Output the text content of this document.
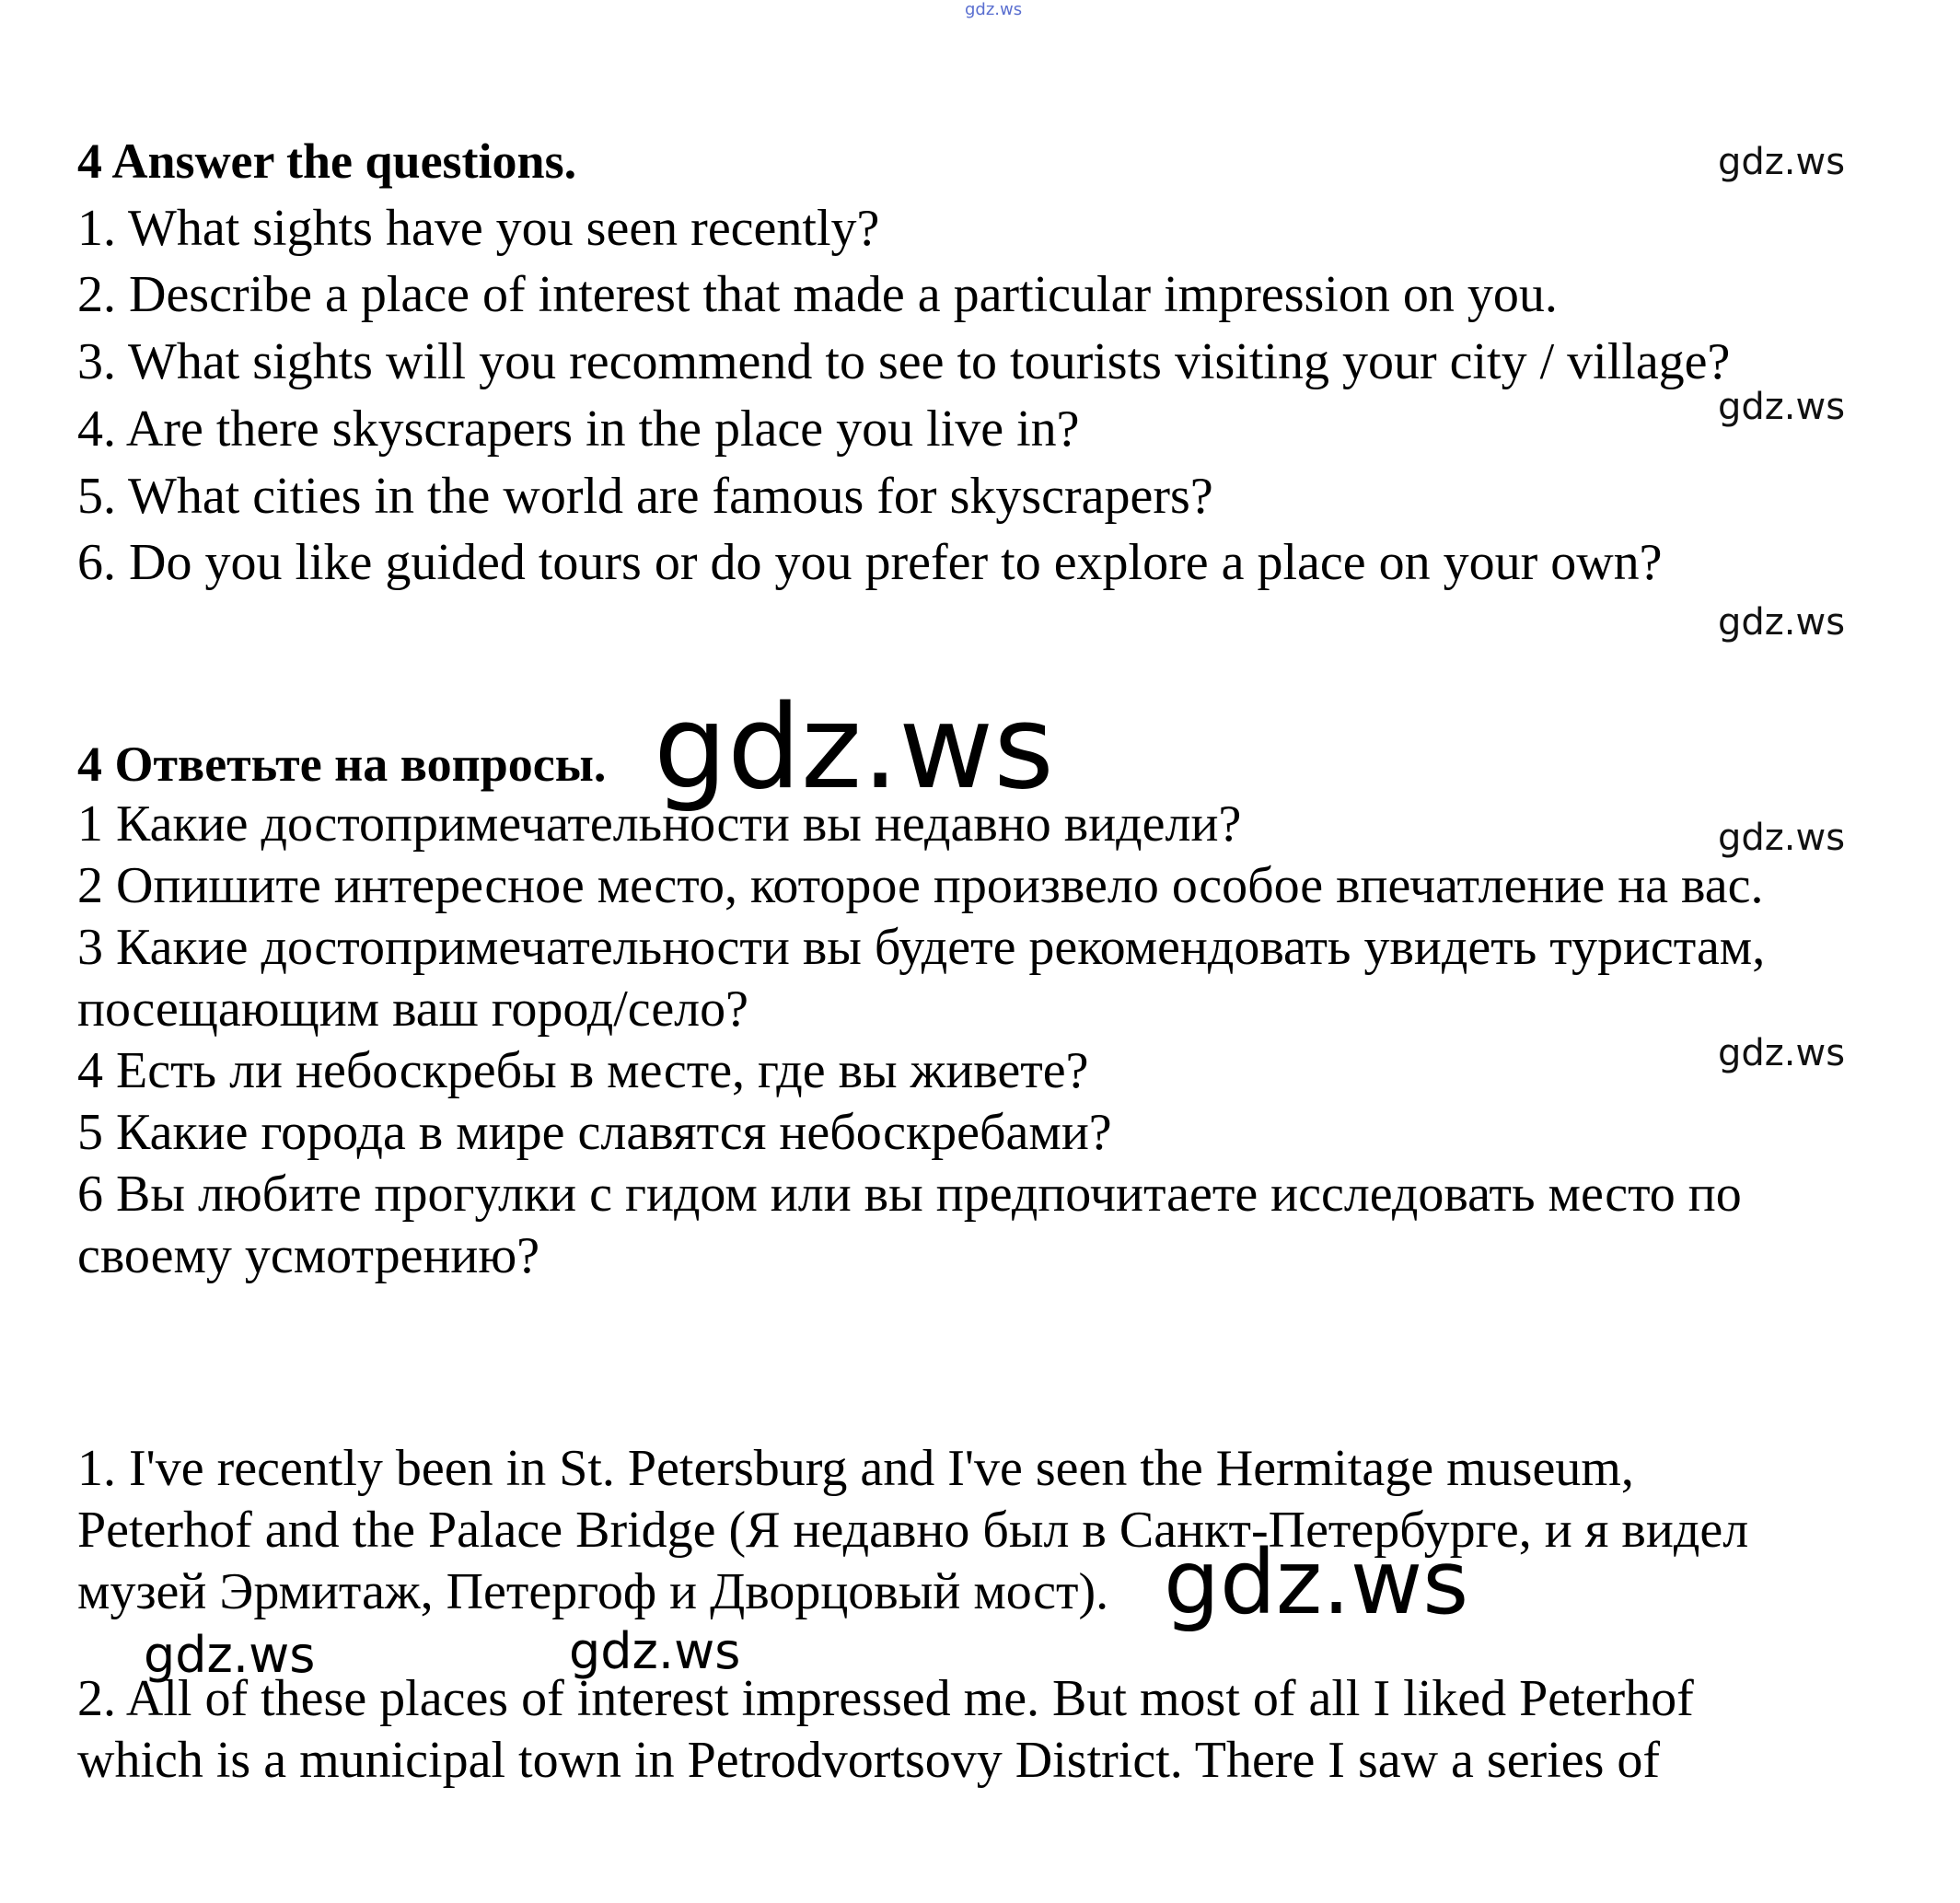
gdz.ws
4 Answer the questions.
1. What sights have you seen recently?
2. Describe a place of interest that made a particular impression on you.
3. What sights will you recommend to see to tourists visiting your city / village?
4. Are there skyscrapers in the place you live in?
5. What cities in the world are famous for skyscrapers?
6. Do you like guided tours or do you prefer to explore a place on your own?
4 Ответьте на вопросы.
1 Какие достопримечательности вы недавно видели?
2 Опишите интересное место, которое произвело особое впечатление на вас.
3 Какие достопримечательности вы будете рекомендовать увидеть туристам,
посещающим ваш город/село?
4 Есть ли небоскребы в месте, где вы живете?
5 Какие города в мире славятся небоскребами?
6 Вы любите прогулки с гидом или вы предпочитаете исследовать место по
своему усмотрению?
1. I've recently been in St. Petersburg and I've seen the Hermitage museum,
Peterhof and the Palace Bridge (Я недавно был в Санкт-Петербурге, и я видел
музей Эрмитаж, Петергоф и Дворцовый мост).
2. All of these places of interest impressed me. But most of all I liked Peterhof
which is a municipal town in Petrodvortsovy District. There I saw a series of
gdz.ws
gdz.ws
gdz.ws
gdz.ws
gdz.ws
gdz.ws	gdz.ws
gdz.ws
gdz.ws
